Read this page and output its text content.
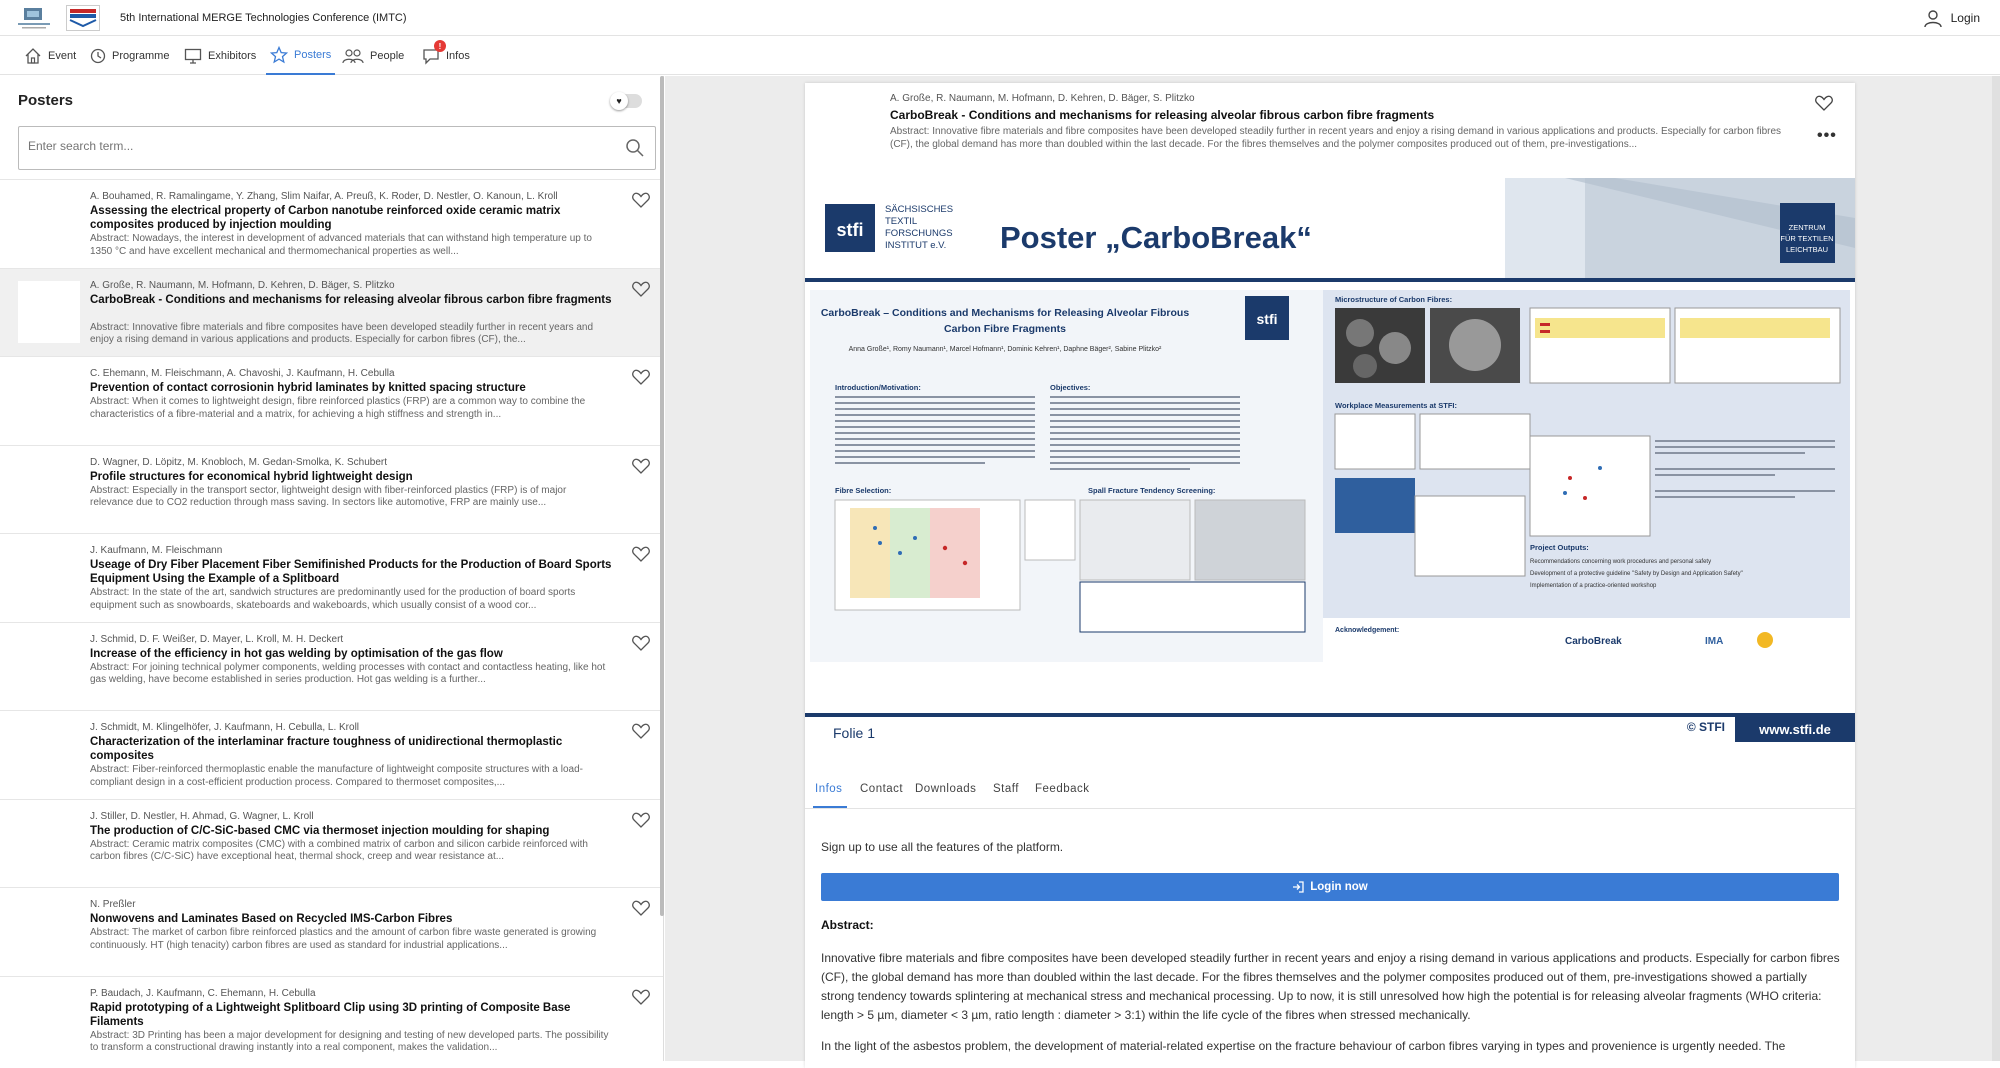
5th International MERGE Technologies Conference (IMTC)	Login
Event	Programme	Exhibitors	Posters	People
!
Infos
Posters	♥
Enter search term...
A. Bouhamed, R. Ramalingame, Y. Zhang, Slim Naifar, A. Preuß, K. Roder, D. Nestler, O. Kanoun, L. Kroll
Assessing the electrical property of Carbon nanotube reinforced oxide ceramic matrix composites produced by injection moulding
Abstract: Nowadays, the interest in development of advanced materials that can withstand high temperature up to 1350 °C and have excellent mechanical and thermomechanical properties as well...
A. Große, R. Naumann, M. Hofmann, D. Kehren, D. Bäger, S. Plitzko
CarboBreak - Conditions and mechanisms for releasing alveolar fibrous carbon fibre fragments
Abstract: Innovative fibre materials and fibre composites have been developed steadily further in recent years and enjoy a rising demand in various applications and products. Especially for carbon fibres (CF), the...
C. Ehemann, M. Fleischmann, A. Chavoshi, J. Kaufmann, H. Cebulla
Prevention of contact corrosionin hybrid laminates by knitted spacing structure
Abstract: When it comes to lightweight design, fibre reinforced plastics (FRP) are a common way to combine the characteristics of a fibre-material and a matrix, for achieving a high stiffness and strength in...
D. Wagner, D. Löpitz, M. Knobloch, M. Gedan-Smolka, K. Schubert
Profile structures for economical hybrid lightweight design
Abstract: Especially in the transport sector, lightweight design with fiber-reinforced plastics (FRP) is of major relevance due to CO2 reduction through mass saving. In sectors like automotive, FRP are mainly use...
J. Kaufmann, M. Fleischmann
Useage of Dry Fiber Placement Fiber Semifinished Products for the Production of Board Sports Equipment Using the Example of a Splitboard
Abstract: In the state of the art, sandwich structures are predominantly used for the production of board sports equipment such as snowboards, skateboards and wakeboards, which usually consist of a wood cor...
J. Schmid, D. F. Weißer, D. Mayer, L. Kroll, M. H. Deckert
Increase of the efficiency in hot gas welding by optimisation of the gas flow
Abstract: For joining technical polymer components, welding processes with contact and contactless heating, like hot gas welding, have become established in series production. Hot gas welding is a further...
J. Schmidt, M. Klingelhöfer, J. Kaufmann, H. Cebulla, L. Kroll
Characterization of the interlaminar fracture toughness of unidirectional thermoplastic composites
Abstract: Fiber-reinforced thermoplastic enable the manufacture of lightweight composite structures with a load-compliant design in a cost-efficient production process. Compared to thermoset composites,...
J. Stiller, D. Nestler, H. Ahmad, G. Wagner, L. Kroll
The production of C/C-SiC-based CMC via thermoset injection moulding for shaping
Abstract: Ceramic matrix composites (CMC) with a combined matrix of carbon and silicon carbide reinforced with carbon fibres (C/C-SiC) have exceptional heat, thermal shock, creep and wear resistance at...
N. Preßler
Nonwovens and Laminates Based on Recycled IMS-Carbon Fibres
Abstract: The market of carbon fibre reinforced plastics and the amount of carbon fibre waste generated is growing continuously. HT (high tenacity) carbon fibres are used as standard for industrial applications...
P. Baudach, J. Kaufmann, C. Ehemann, H. Cebulla
Rapid prototyping of a Lightweight Splitboard Clip using 3D printing of Composite Base Filaments
Abstract: 3D Printing has been a major development for designing and testing of new developed parts. The possibility to transform a constructional drawing instantly into a real component, makes the validation...
A. Große, R. Naumann, M. Hofmann, D. Kehren, D. Bäger, S. Plitzko
CarboBreak - Conditions and mechanisms for releasing alveolar fibrous carbon fibre fragments
Abstract: Innovative fibre materials and fibre composites have been developed steadily further in recent years and enjoy a rising demand in various applications and products. Especially for carbon fibres (CF), the global demand has more than doubled within the last decade. For the fibres themselves and the polymer composites produced out of them, pre-investigations...	•••
stfi
SÄCHSISCHES
TEXTIL
FORSCHUNGS
INSTITUT e.V. Poster „CarboBreak“	ZENTRUM
FÜR TEXTILEN
LEICHTBAU
CarboBreak – Conditions and Mechanisms for Releasing Alveolar Fibrous
Carbon Fibre Fragments
Anna Große¹, Romy Naumann¹, Marcel Hofmann¹, Dominic Kehren¹, Daphne Bäger², Sabine Plitzko²
stfi
Introduction/Motivation:	Objectives:
Fibre Selection:	Spall Fracture Tendency Screening:
Microstructure of Carbon Fibres:
Workplace Measurements at STFI:
Project Outputs:
Recommendations concerning work procedures and personal safety
Development of a protective guideline "Safety by Design and Application Safety"
Implementation of a practice-oriented workshop
Acknowledgement:
CarboBreak	IMA
Folie 1	© STFI	www.stfi.de
Infos Contact Downloads Staff Feedback
Sign up to use all the features of the platform.
Login now
Abstract:
Innovative fibre materials and fibre composites have been developed steadily further in recent years and enjoy a rising demand in various applications and products. Especially for carbon fibres (CF), the global demand has more than doubled within the last decade. For the fibres themselves and the polymer composites produced out of them, pre-investigations showed a partially strong tendency towards splintering at mechanical stress and mechanical processing. Up to now, it is still unresolved how high the potential is for releasing alveolar fragments (WHO criteria: length > 5 µm, diameter < 3 µm, ratio length : diameter > 3:1) within the life cycle of the fibres when stressed mechanically.
In the light of the asbestos problem, the development of material-related expertise on the fracture behaviour of carbon fibres varying in types and provenience is urgently needed. The
